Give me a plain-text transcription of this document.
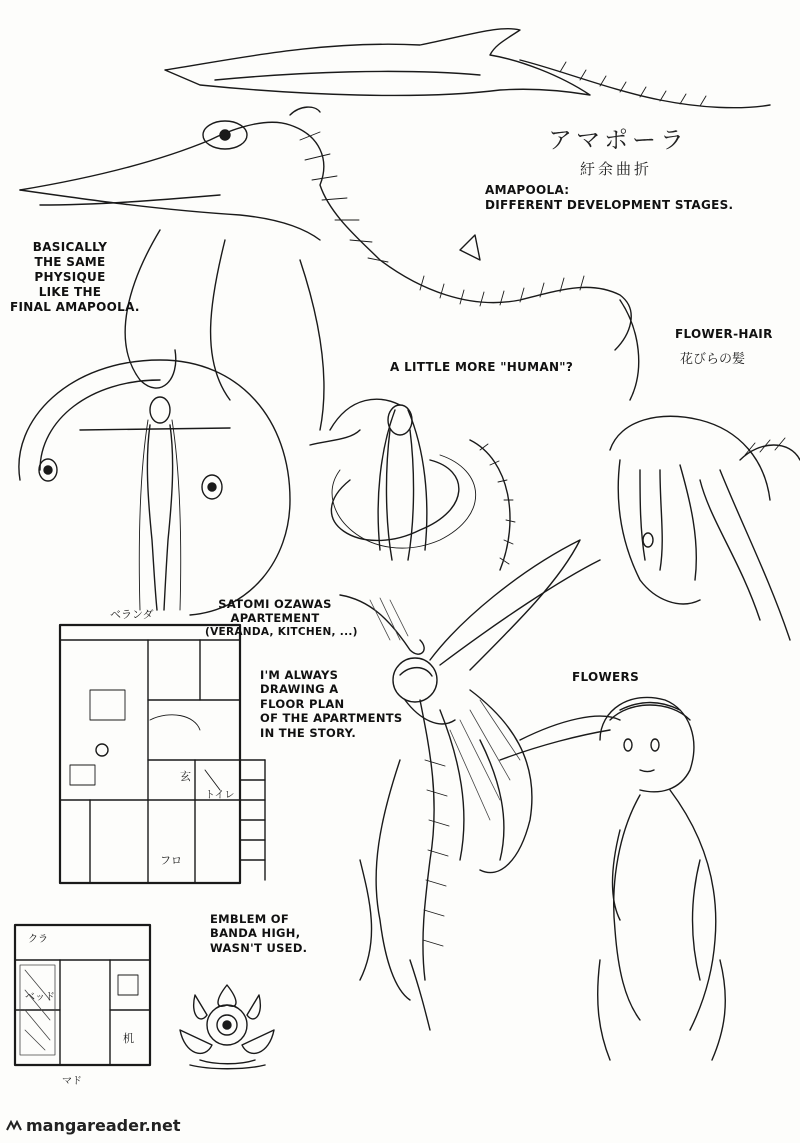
アマポーラ
紆余曲折
AMAPOOLA:
DIFFERENT DEVELOPMENT STAGES.
BASICALLY
THE SAME
PHYSIQUE
LIKE THE
FINAL AMAPOOLA.
FLOWER-HAIR
花びらの髪
A LITTLE MORE "HUMAN"?
SATOMI OZAWAS
APARTEMENT
(VERANDA, KITCHEN, ...)
I'M ALWAYS
DRAWING A
FLOOR PLAN
OF THE APARTMENTS
IN THE STORY.
FLOWERS
EMBLEM OF
BANDA HIGH,
WASN'T USED.
ベランダ
玄
フロ
トイレ
クラ
ベッド
机
マド
mangareader.net
